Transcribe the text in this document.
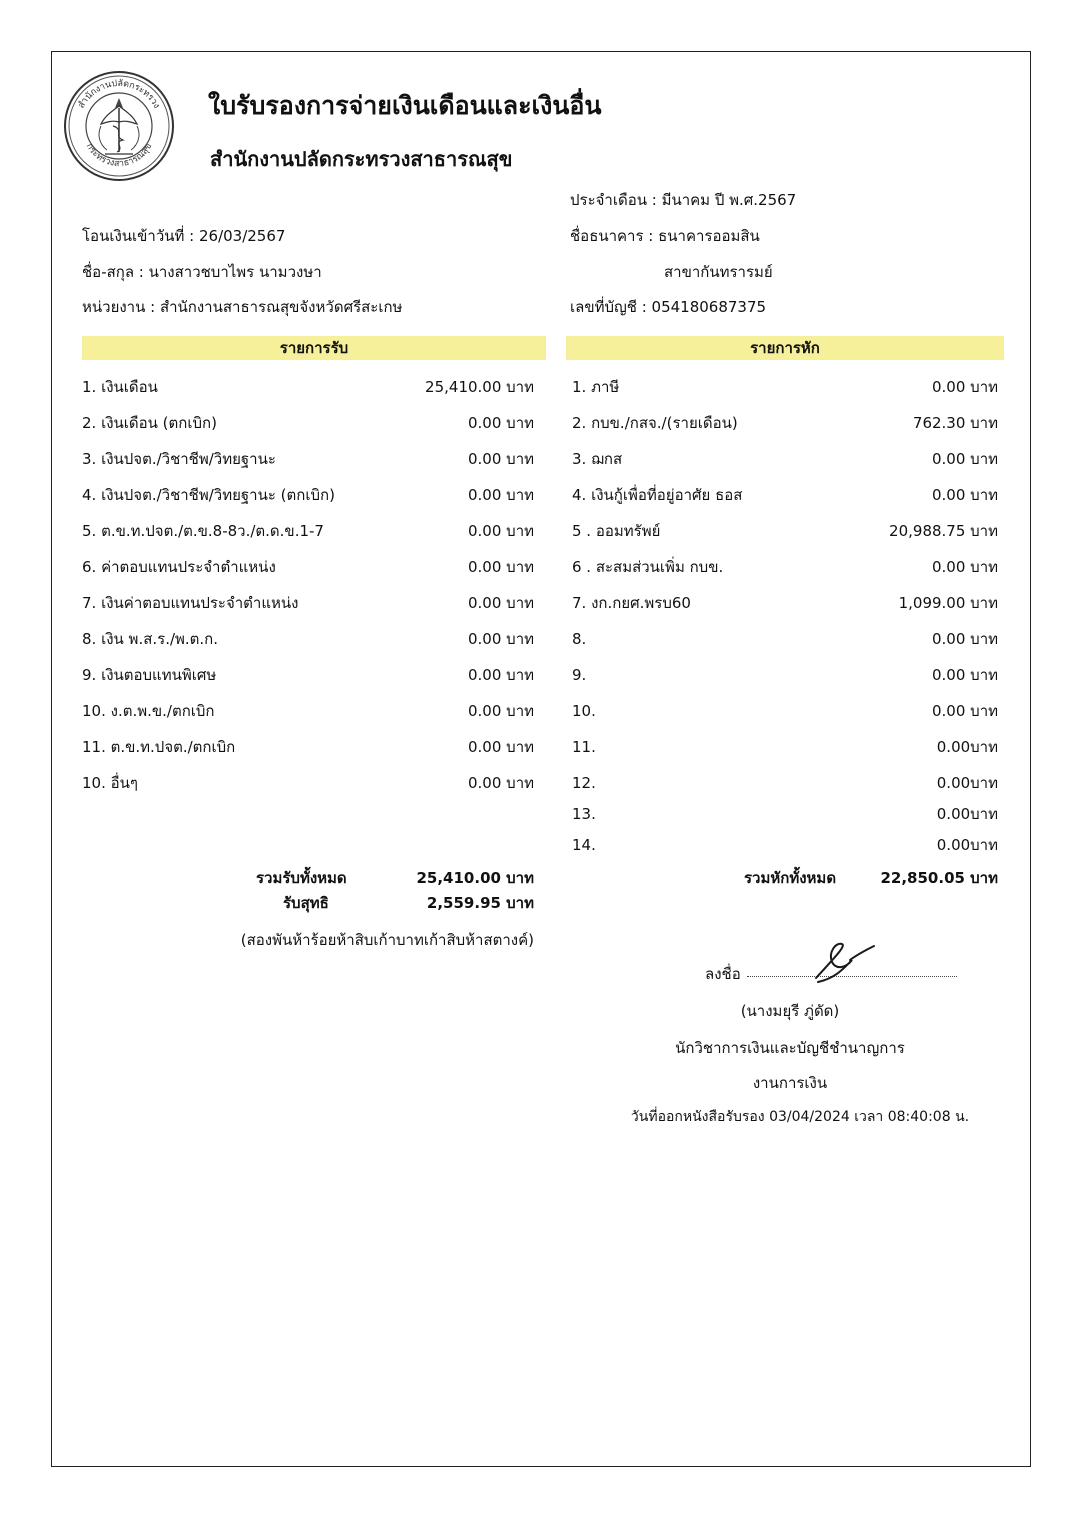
สำนักงานปลัดกระทรวง
กระทรวงสาธารณสุข
ใบรับรองการจ่ายเงินเดือนและเงินอื่น
สำนักงานปลัดกระทรวงสาธารณสุข
โอนเงินเข้าวันที่ : 26/03/2567
ชื่อ-สกุล : นางสาวชบาไพร นามวงษา
หน่วยงาน : สำนักงานสาธารณสุขจังหวัดศรีสะเกษ
ประจำเดือน : มีนาคม ปี พ.ศ.2567
ชื่อธนาคาร : ธนาคารออมสิน
สาขากันทรารมย์
เลขที่บัญชี : 054180687375
รายการรับ	รายการหัก
1. เงินเดือน	25,410.00 บาท
2. เงินเดือน (ตกเบิก)	0.00 บาท
3. เงินปจต./วิชาชีพ/วิทยฐานะ	0.00 บาท
4. เงินปจต./วิชาชีพ/วิทยฐานะ (ตกเบิก)	0.00 บาท
5. ต.ข.ท.ปจต./ต.ข.8-8ว./ต.ด.ข.1-7	0.00 บาท
6. ค่าตอบแทนประจำตำแหน่ง	0.00 บาท
7. เงินค่าตอบแทนประจำตำแหน่ง	0.00 บาท
8. เงิน พ.ส.ร./พ.ต.ก.	0.00 บาท
9. เงินตอบแทนพิเศษ	0.00 บาท
10. ง.ต.พ.ข./ตกเบิก	0.00 บาท
11. ต.ข.ท.ปจต./ตกเบิก	0.00 บาท
10. อื่นๆ	0.00 บาท
1. ภาษี	0.00 บาท
2. กบข./กสจ./(รายเดือน)	762.30 บาท
3. ฌกส	0.00 บาท
4. เงินกู้เพื่อที่อยู่อาศัย ธอส	0.00 บาท
5 . ออมทรัพย์	20,988.75 บาท
6 . สะสมส่วนเพิ่ม กบข.	0.00 บาท
7. งก.กยศ.พรบ60	1,099.00 บาท
8.	0.00 บาท
9.	0.00 บาท
10.	0.00 บาท
11.	0.00บาท
12.	0.00บาท
13.	0.00บาท
14.	0.00บาท
รวมรับทั้งหมด	25,410.00 บาท
รับสุทธิ	2,559.95 บาท
(สองพันห้าร้อยห้าสิบเก้าบาทเก้าสิบห้าสตางค์)
รวมหักทั้งหมด	22,850.05 บาท
ลงชื่อ
(นางมยุรี ภู่ดัด)
นักวิชาการเงินและบัญชีชำนาญการ
งานการเงิน
วันที่ออกหนังสือรับรอง 03/04/2024 เวลา 08:40:08 น.
